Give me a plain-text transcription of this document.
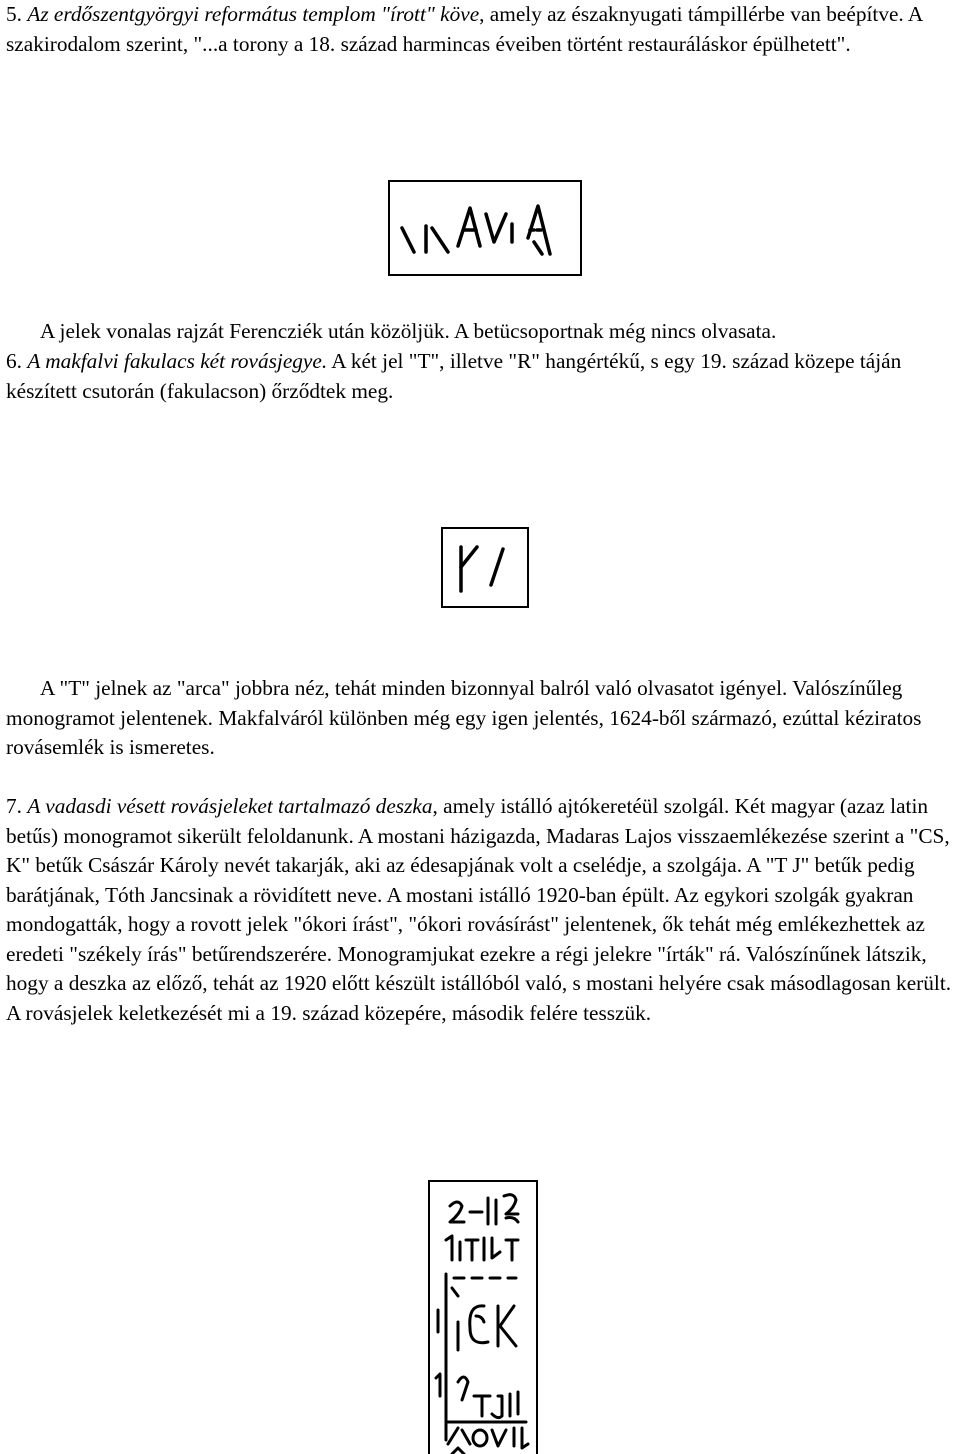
5. Az erdőszentgyörgyi református templom "írott" köve, amely az északnyugati támpillérbe van beépítve. A szakirodalom szerint, "...a torony a 18. század harmincas éveiben történt restauráláskor épülhetett".

A jelek vonalas rajzát Ferencziék után közöljük. A betücsoportnak még nincs olvasata.

6. A makfalvi fakulacs két rovásjegye. A két jel "T", illetve "R" hangértékű, s egy 19. század közepe táján készített csutorán (fakulacson) őrződtek meg.

A "T" jelnek az "arca" jobbra néz, tehát minden bizonnyal balról való olvasatot igényel. Valószínűleg monogramot jelentenek. Makfalváról különben még egy igen jelentés, 1624-ből származó, ezúttal kéziratos rovásemlék is ismeretes.

7. A vadasdi vésett rovásjeleket tartalmazó deszka, amely istálló ajtókeretéül szolgál. Két magyar (azaz latin betűs) monogramot sikerült feloldanunk. A mostani házigazda, Madaras Lajos visszaemlékezése szerint a "CS, K" betűk Császár Károly nevét takarják, aki az édesapjának volt a cselédje, a szolgája. A "T J" betűk pedig barátjának, Tóth Jancsinak a rövidített neve. A mostani istálló 1920-ban épült. Az egykori szolgák gyakran mondogatták, hogy a rovott jelek "ókori írást", "ókori rovásírást" jelentenek, ők tehát még emlékezhettek az eredeti "székely írás" betűrendszerére. Monogramjukat ezekre a régi jelekre "írták" rá. Valószínűnek látszik, hogy a deszka az előző, tehát az 1920 előtt készült istállóból való, s mostani helyére csak másodlagosan került. A rovásjelek keletkezését mi a 19. század közepére, második felére tesszük.
